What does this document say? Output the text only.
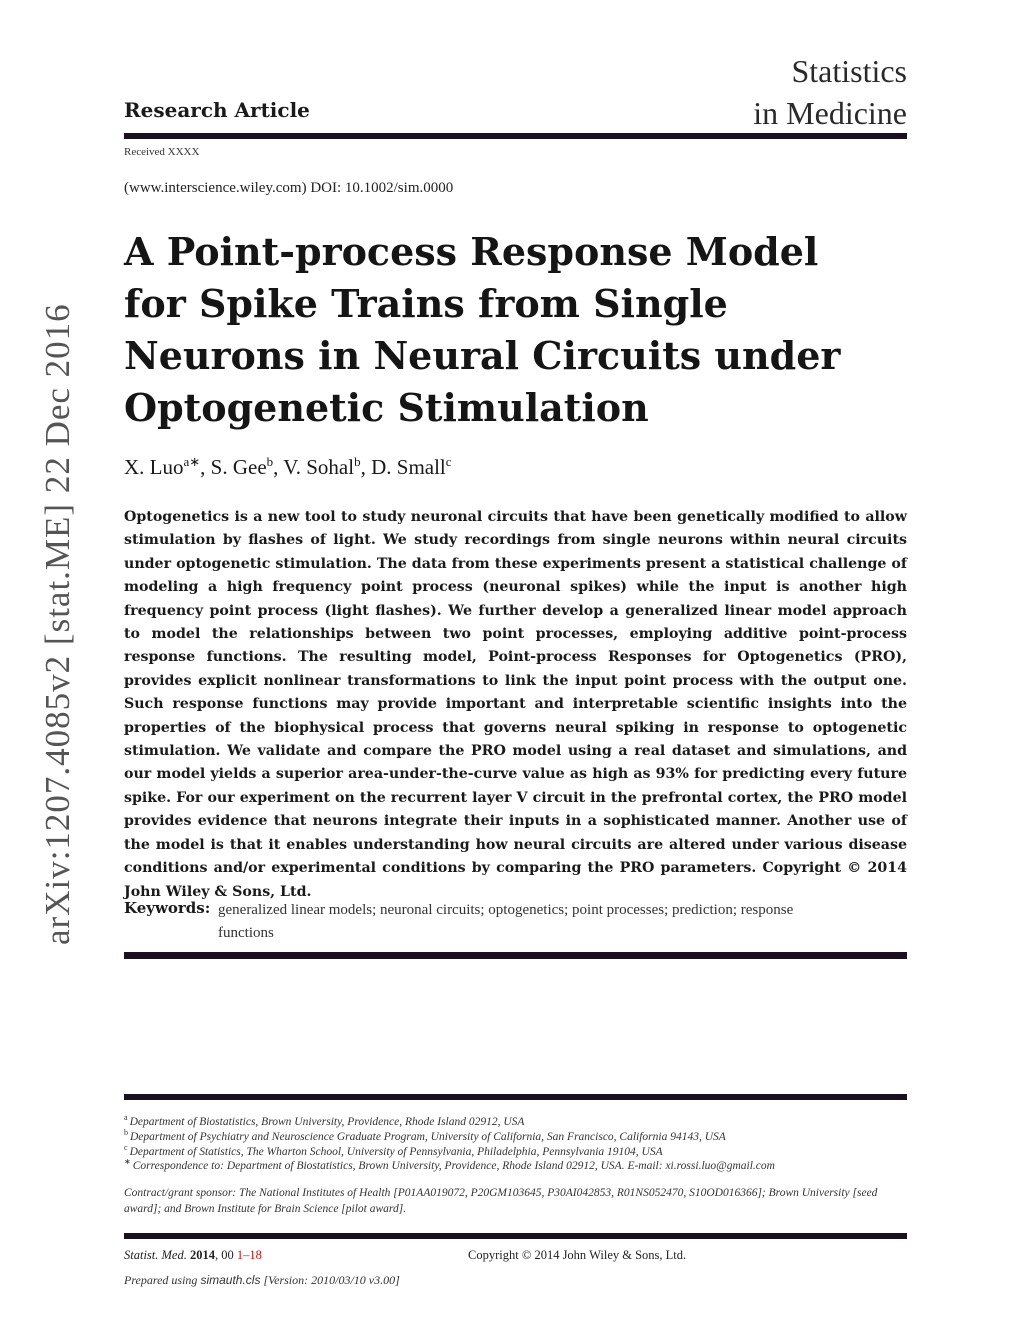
arXiv:1207.4085v2 [stat.ME] 22 Dec 2016
Research Article
Statistics
in Medicine
Received XXXX
(www.interscience.wiley.com) DOI: 10.1002/sim.0000
A Point-process Response Model for Spike Trains from Single Neurons in Neural Circuits under Optogenetic Stimulation
X. Luo$^{a∗}$, S. Gee$^b$, V. Sohal$^b$, D. Small$^c$
Optogenetics is a new tool to study neuronal circuits that have been genetically modified to allow stimulation by flashes of light. We study recordings from single neurons within neural circuits under optogenetic stimulation. The data from these experiments present a statistical challenge of modeling a high frequency point process (neuronal spikes) while the input is another high frequency point process (light flashes). We further develop a generalized linear model approach to model the relationships between two point processes, employing additive point-process response functions. The resulting model, Point-process Responses for Optogenetics (PRO), provides explicit nonlinear transformations to link the input point process with the output one. Such response functions may provide important and interpretable scientific insights into the properties of the biophysical process that governs neural spiking in response to optogenetic stimulation. We validate and compare the PRO model using a real dataset and simulations, and our model yields a superior area-under-the-curve value as high as 93% for predicting every future spike. For our experiment on the recurrent layer V circuit in the prefrontal cortex, the PRO model provides evidence that neurons integrate their inputs in a sophisticated manner. Another use of the model is that it enables understanding how neural circuits are altered under various disease conditions and/or experimental conditions by comparing the PRO parameters. Copyright © 2014 John Wiley & Sons, Ltd.
Keywords: generalized linear models; neuronal circuits; optogenetics; point processes; prediction; response functions
$^a$ Department of Biostatistics, Brown University, Providence, Rhode Island 02912, USA
$^b$ Department of Psychiatry and Neuroscience Graduate Program, University of California, San Francisco, California 94143, USA
$^c$ Department of Statistics, The Wharton School, University of Pennsylvania, Philadelphia, Pennsylvania 19104, USA
∗ Correspondence to: Department of Biostatistics, Brown University, Providence, Rhode Island 02912, USA. E-mail: xi.rossi.luo@gmail.com
Contract/grant sponsor: The National Institutes of Health [P01AA019072, P20GM103645, P30AI042853, R01NS052470, S10OD016366]; Brown University [seed award]; and Brown Institute for Brain Science [pilot award].
Statist. Med. 2014, 00 1–18	Copyright © 2014 John Wiley & Sons, Ltd.
Prepared using simauth.cls [Version: 2010/03/10 v3.00]
